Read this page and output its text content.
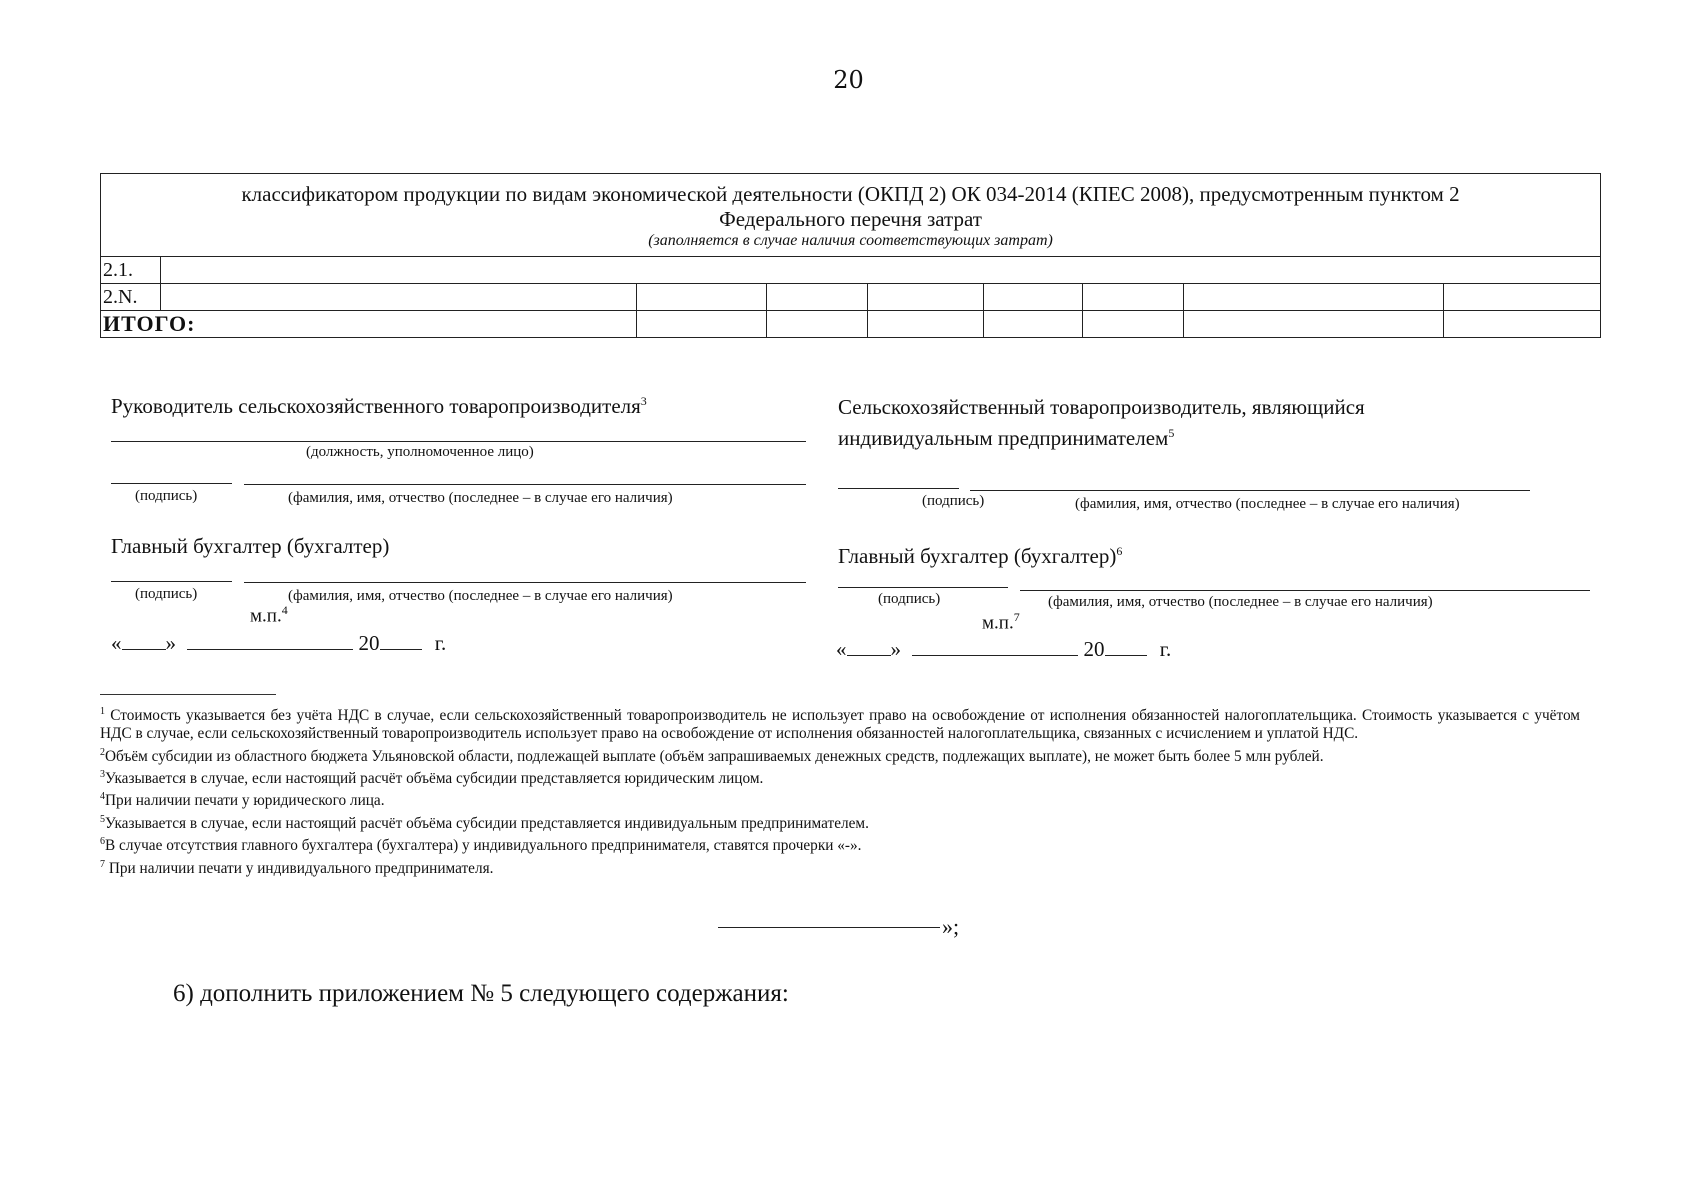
20
классификатором продукции по видам экономической деятельности (ОКПД 2) ОК 034-2014 (КПЕС 2008), предусмотренным пунктом 2
Федерального перечня затрат
(заполняется в случае наличия соответствующих затрат)								

2.1.								
2.N.								
ИТОГО:								
Руководитель сельскохозяйственного товаропроизводителя$^3$
(должность, уполномоченное лицо)
(подпись)	(фамилия, имя, отчество (последнее – в случае его наличия)
Главный бухгалтер (бухгалтер)
(подпись)	(фамилия, имя, отчество (последнее – в случае его наличия)
м.п.$^4$
« »	20	г.
Сельскохозяйственный товаропроизводитель, являющийся
индивидуальным предпринимателем$^5$
(подпись)	(фамилия, имя, отчество (последнее – в случае его наличия)
Главный бухгалтер (бухгалтер)$^6$
(подпись)	(фамилия, имя, отчество (последнее – в случае его наличия)
м.п.$^7$
« »	20	г.

$^1$ Стоимость указывается без учёта НДС в случае, если сельскохозяйственный товаропроизводитель не использует право на освобождение от исполнения обязанностей налогоплательщика. Стоимость указывается с учётом НДС в случае, если сельскохозяйственный товаропроизводитель использует право на освобождение от исполнения обязанностей налогоплательщика, связанных с исчислением и уплатой НДС.

$^2$Объём субсидии из областного бюджета Ульяновской области, подлежащей выплате (объём запрашиваемых денежных средств, подлежащих выплате), не может быть более 5 млн рублей.

$^3$Указывается в случае, если настоящий расчёт объёма субсидии представляется юридическим лицом.

$^4$При наличии печати у юридического лица.

$^5$Указывается в случае, если настоящий расчёт объёма субсидии представляется индивидуальным предпринимателем.

$^6$В случае отсутствия главного бухгалтера (бухгалтера) у индивидуального предпринимателя, ставятся прочерки «-».

$^7$ При наличии печати у индивидуального предпринимателя.

»;
6) дополнить приложением № 5 следующего содержания:
